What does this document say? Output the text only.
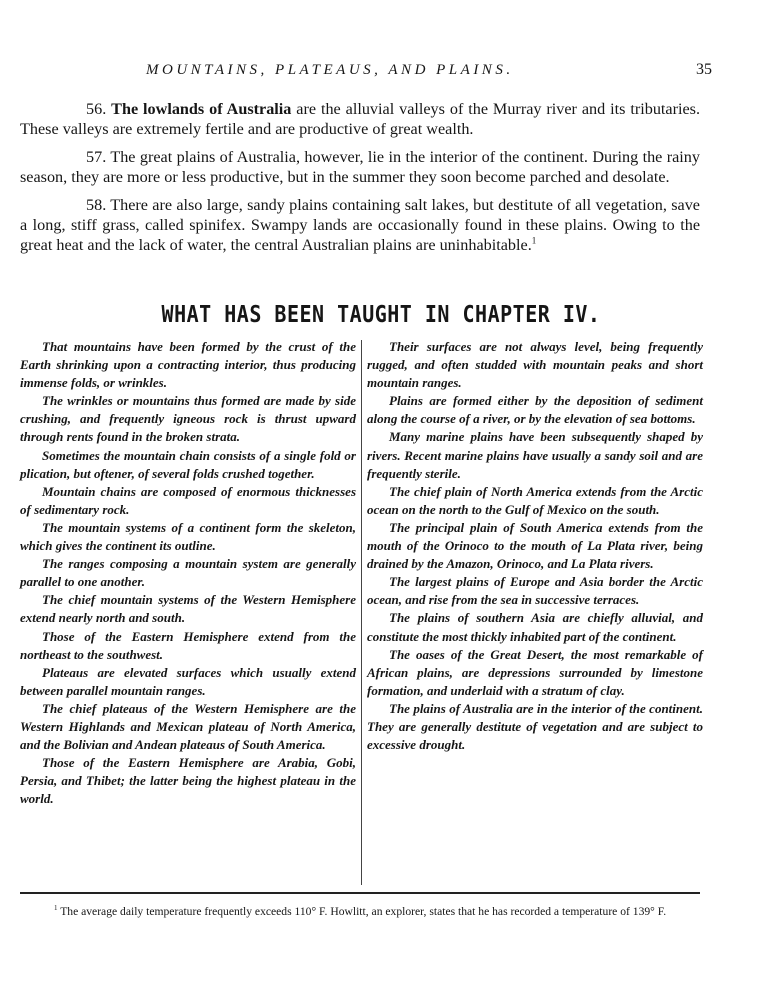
MOUNTAINS, PLATEAUS, AND PLAINS.	35

56. The lowlands of Australia are the alluvial valleys of the Murray river and its tributaries. These valleys are extremely fertile and are productive of great wealth.

57. The great plains of Australia, however, lie in the interior of the continent. During the rainy season, they are more or less productive, but in the summer they soon become parched and desolate.

58. There are also large, sandy plains containing salt lakes, but destitute of all vegetation, save a long, stiff grass, called spinifex. Swampy lands are occasionally found in these plains. Owing to the great heat and the lack of water, the central Australian plains are uninhabitable.$^1$

WHAT HAS BEEN TAUGHT IN CHAPTER IV.

That mountains have been formed by the crust of the Earth shrinking upon a contracting interior, thus producing immense folds, or wrinkles.

The wrinkles or mountains thus formed are made by side crushing, and frequently igneous rock is thrust upward through rents found in the broken strata.

Sometimes the mountain chain consists of a single fold or plication, but oftener, of several folds crushed together.

Mountain chains are composed of enormous thicknesses of sedimentary rock.

The mountain systems of a continent form the skeleton, which gives the continent its outline.

The ranges composing a mountain system are generally parallel to one another.

The chief mountain systems of the Western Hemisphere extend nearly north and south.

Those of the Eastern Hemisphere extend from the northeast to the southwest.

Plateaus are elevated surfaces which usually extend between parallel mountain ranges.

The chief plateaus of the Western Hemisphere are the Western Highlands and Mexican plateau of North America, and the Bolivian and Andean plateaus of South America.

Those of the Eastern Hemisphere are Arabia, Gobi, Persia, and Thibet; the latter being the highest plateau in the world.

Their surfaces are not always level, being frequently rugged, and often studded with mountain peaks and short mountain ranges.

Plains are formed either by the deposition of sediment along the course of a river, or by the elevation of sea bottoms.

Many marine plains have been subsequently shaped by rivers. Recent marine plains have usually a sandy soil and are frequently sterile.

The chief plain of North America extends from the Arctic ocean on the north to the Gulf of Mexico on the south.

The principal plain of South America extends from the mouth of the Orinoco to the mouth of La Plata river, being drained by the Amazon, Orinoco, and La Plata rivers.

The largest plains of Europe and Asia border the Arctic ocean, and rise from the sea in successive terraces.

The plains of southern Asia are chiefly alluvial, and constitute the most thickly inhabited part of the continent.

The oases of the Great Desert, the most remarkable of African plains, are depressions surrounded by limestone formation, and underlaid with a stratum of clay.

The plains of Australia are in the interior of the continent. They are generally destitute of vegetation and are subject to excessive drought.

$^1$ The average daily temperature frequently exceeds 110° F. Howlitt, an explorer, states that he has recorded a temperature of 139° F.
